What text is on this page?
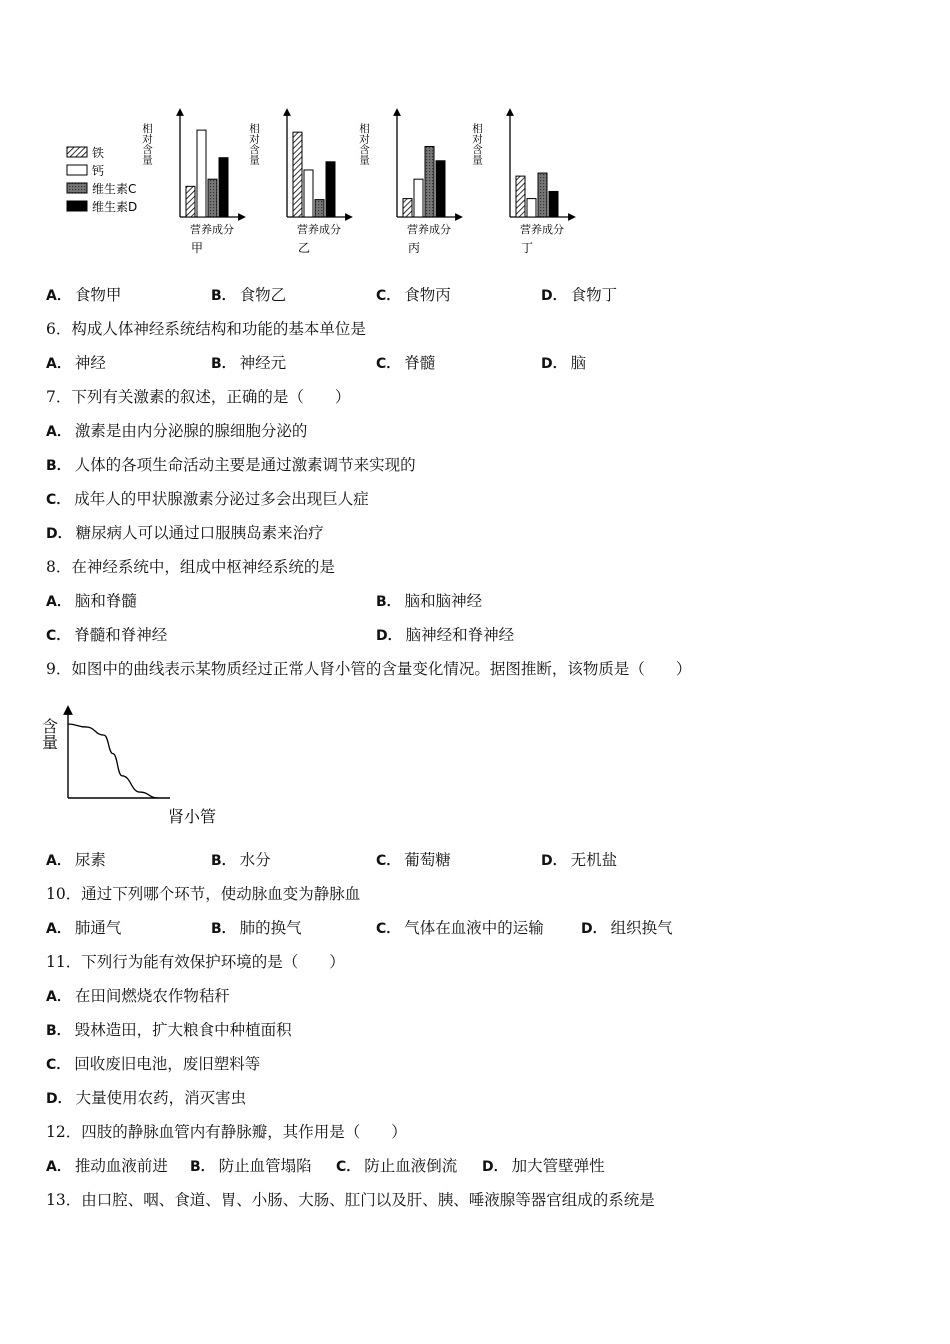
铁
钙
维生素C
维生素D
相对含量
营养成分
甲
相对含量
营养成分
乙
相对含量
营养成分
丙
相对含量
营养成分
丁
A． 食物甲	B． 食物乙	C． 食物丙	D． 食物丁
6．构成人体神经系统结构和功能的基本单位是
A． 神经	B． 神经元	C． 脊髓	D． 脑
7．下列有关激素的叙述，正确的是（　　）
A． 激素是由内分泌腺的腺细胞分泌的
B． 人体的各项生命活动主要是通过激素调节来实现的
C． 成年人的甲状腺激素分泌过多会出现巨人症
D． 糖尿病人可以通过口服胰岛素来治疗
8．在神经系统中，组成中枢神经系统的是
A． 脑和脊髓	B． 脑和脑神经
C． 脊髓和脊神经	D． 脑神经和脊神经
9．如图中的曲线表示某物质经过正常人肾小管的含量变化情况。据图推断，该物质是（　　）
含量
肾小管
A． 尿素	B． 水分	C． 葡萄糖	D． 无机盐
10．通过下列哪个环节，使动脉血变为静脉血
A． 肺通气	B． 肺的换气	C． 气体在血液中的运输	D． 组织换气
11．下列行为能有效保护环境的是（　　）
A． 在田间燃烧农作物秸秆
B． 毁林造田，扩大粮食中种植面积
C． 回收废旧电池，废旧塑料等
D． 大量使用农药，消灭害虫
12．四肢的静脉血管内有静脉瓣，其作用是（　　）
A． 推动血液前进 B． 防止血管塌陷 C． 防止血液倒流 D． 加大管壁弹性
13．由口腔、咽、食道、胃、小肠、大肠、肛门以及肝、胰、唾液腺等器官组成的系统是
